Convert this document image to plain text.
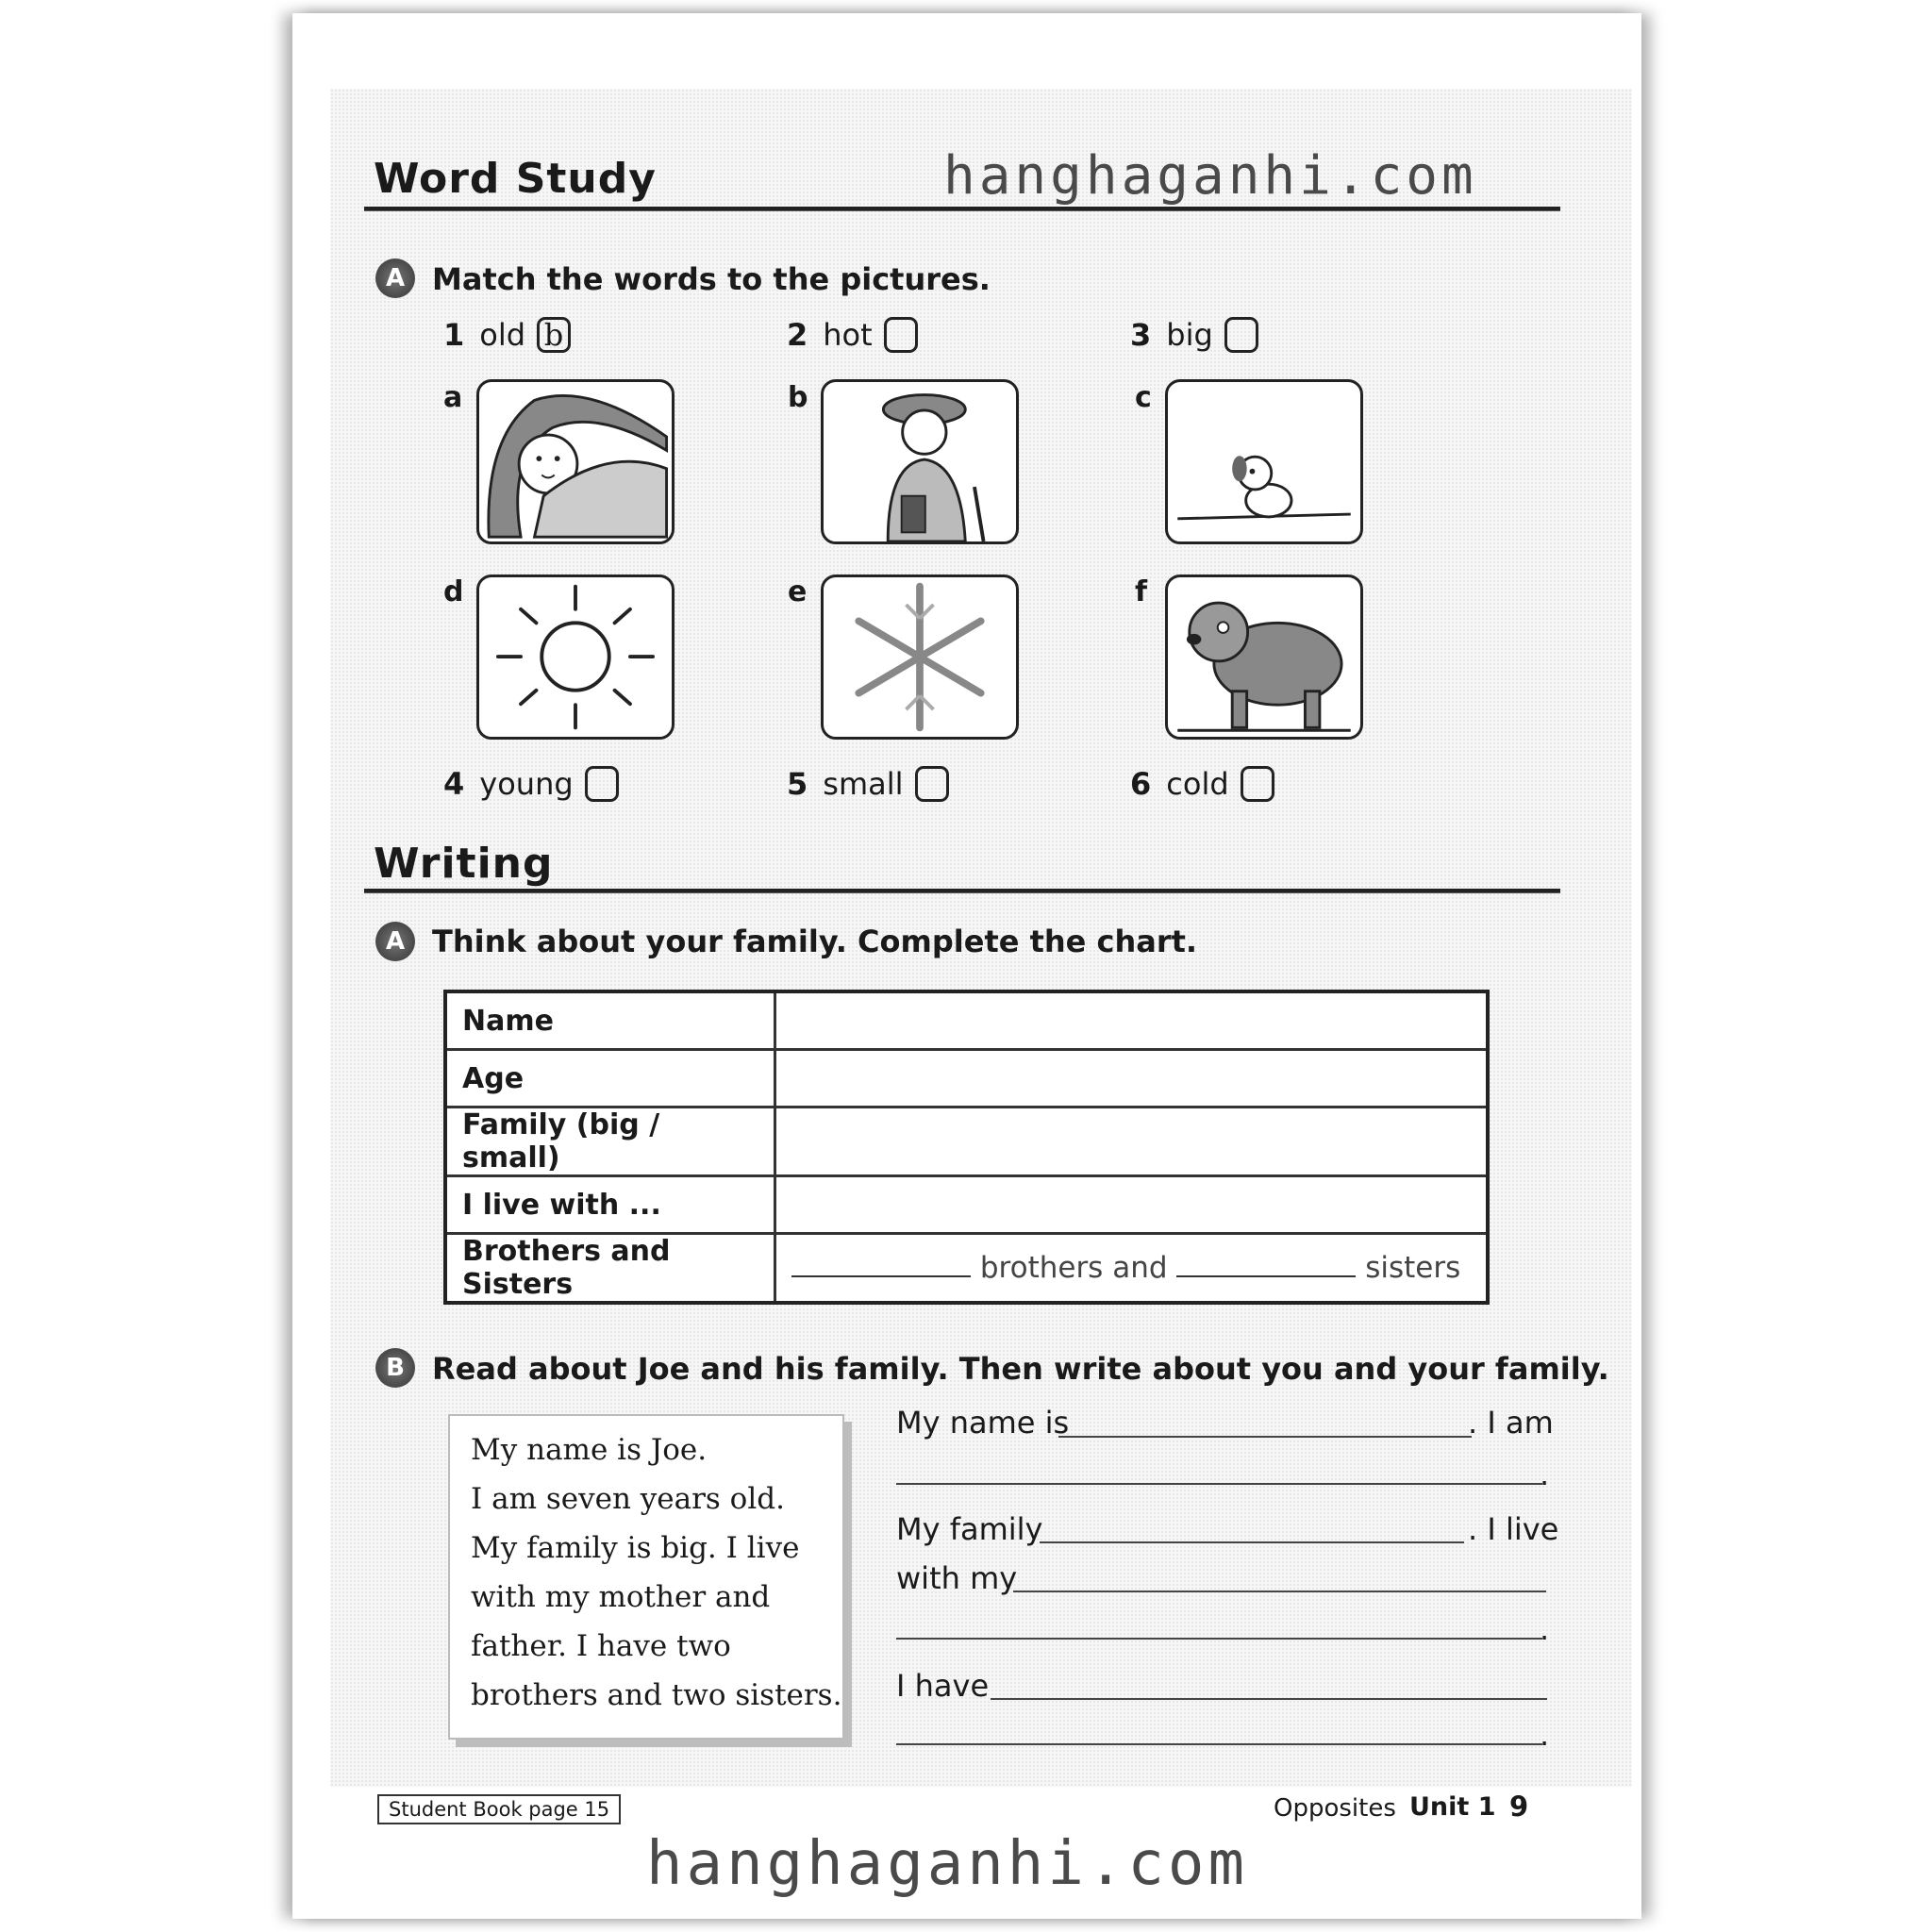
Word Study	hanghaganhi.com
A Match the words to the pictures.
1 old b	2 hot	3 big
a	b	c
d	e	f
4 young	5 small	6 cold
Writing
A Think about your family. Complete the chart.
Name	
Age	
Family (big / small)	
I live with ...	
Brothers and Sisters	brothers and sisters
B Read about Joe and his family. Then write about you and your family.
My name is Joe.
I am seven years old.
My family is big. I live
with my mother and
father. I have two
brothers and two sisters.
My name is	. I am
.
My family	. I live
with my
.
I have
.
Student Book page 15	Opposites Unit 1 9
hanghaganhi.com
